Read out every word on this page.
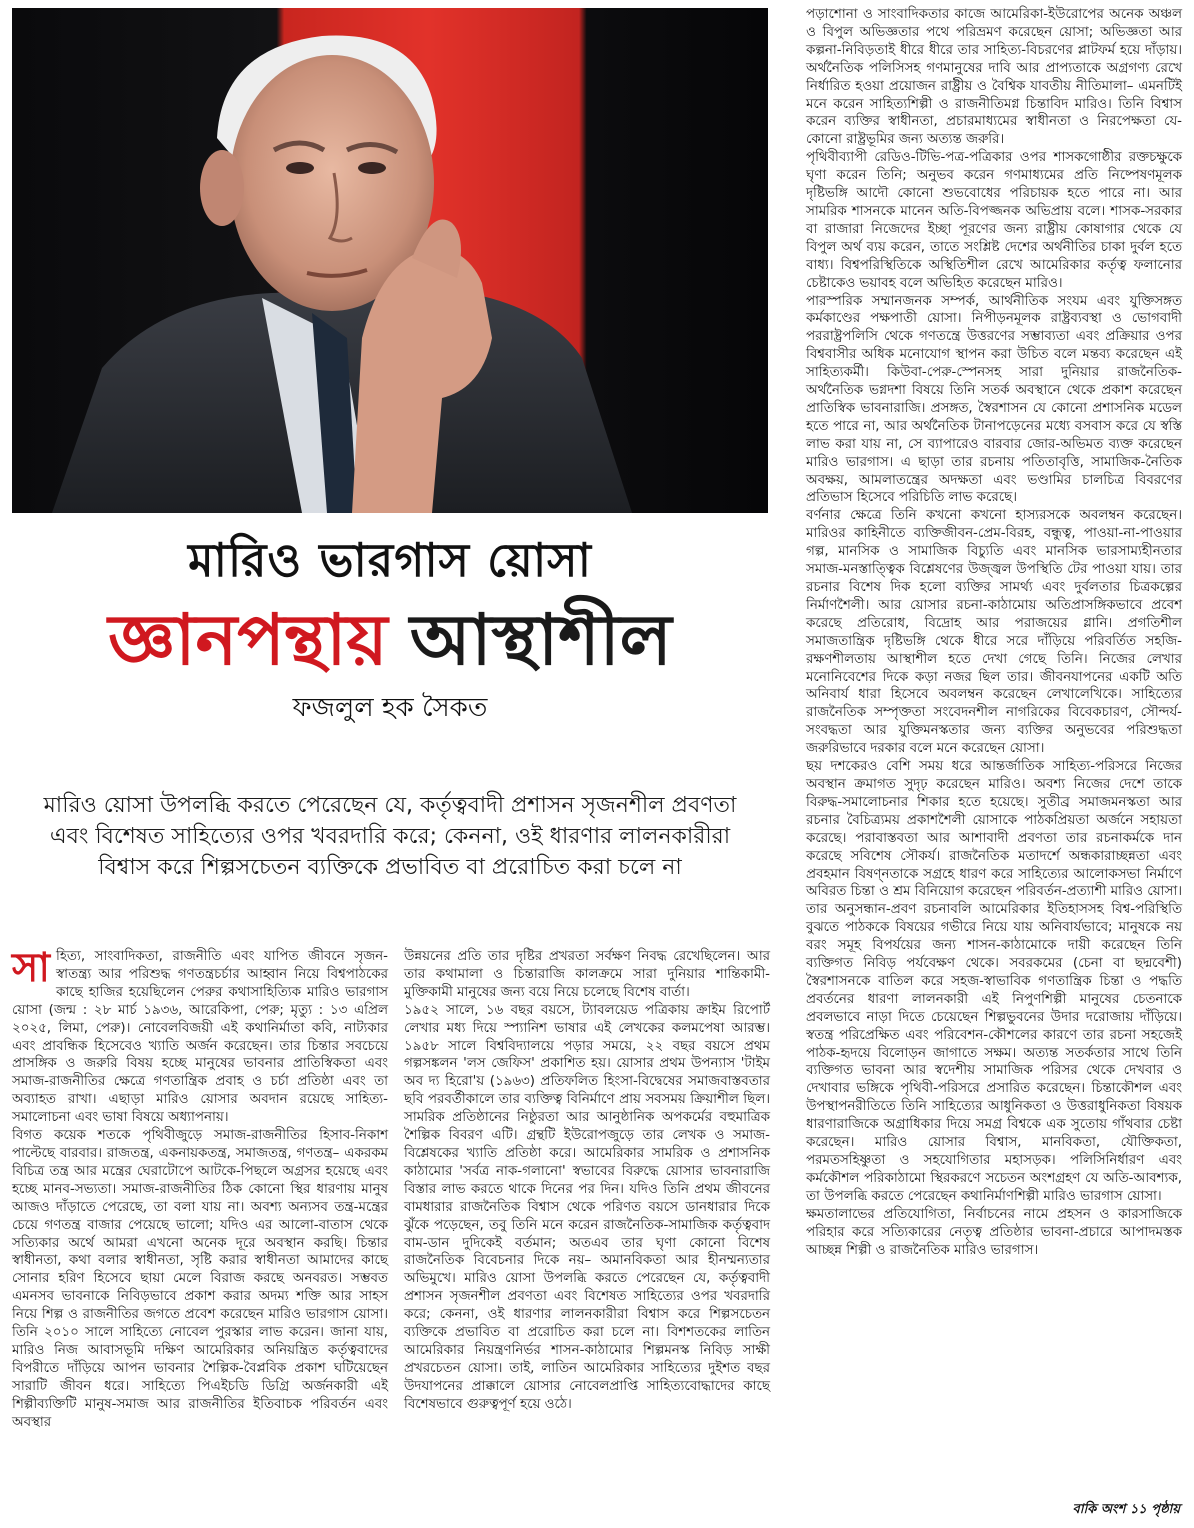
মারিও ভারগাস য়োসা
জ্ঞানপন্থায় আস্থাশীল
ফজলুল হক সৈকত
মারিও য়োসা উপলব্ধি করতে পেরেছেন যে, কর্তৃত্ববাদী প্রশাসন সৃজনশীল প্রবণতা এবং বিশেষত সাহিত্যের ওপর খবরদারি করে; কেননা, ওই ধারণার লালনকারীরা বিশ্বাস করে শিল্পসচেতন ব্যক্তিকে প্রভাবিত বা প্ররোচিত করা চলে না
সা হিত্য, সাংবাদিকতা, রাজনীতি এবং যাপিত জীবনে সৃজন-স্বাতন্ত্র্য আর পরিশুদ্ধ গণতন্ত্রচর্চার আহ্বান নিয়ে বিশ্বপাঠকের কাছে হাজির হয়েছিলেন পেরুর কথাসাহিত্যিক মারিও ভারগাস য়োসা (জন্ম : ২৮ মার্চ ১৯৩৬, আরেকিপা, পেরু; মৃত্যু : ১৩ এপ্রিল ২০২৫, লিমা, পেরু)। নোবেলবিজয়ী এই কথানির্মাতা কবি, নাট্যকার এবং প্রাবন্ধিক হিসেবেও খ্যাতি অর্জন করেছেন। তার চিন্তার সবচেয়ে প্রাসঙ্গিক ও জরুরি বিষয় হচ্ছে মানুষের ভাবনার প্রাতিস্বিকতা এবং সমাজ-রাজনীতির ক্ষেত্রে গণতান্ত্রিক প্রবাহ ও চর্চা প্রতিষ্ঠা এবং তা অব্যাহত রাখা। এছাড়া মারিও য়োসার অবদান রয়েছে সাহিত্য-সমালোচনা এবং ভাষা বিষয়ে অধ্যাপনায়।

বিগত কয়েক শতকে পৃথিবীজুড়ে সমাজ-রাজনীতির হিসাব-নিকাশ পাল্টেছে বারবার। রাজতন্ত্র, একনায়কতন্ত্র, সমাজতন্ত্র, গণতন্ত্র– একরকম বিচিত্র তন্ত্র আর মন্ত্রের ঘেরাটোপে আটকে-পিছলে অগ্রসর হয়েছে এবং হচ্ছে মানব-সভ্যতা। সমাজ-রাজনীতির ঠিক কোনো স্থির ধারণায় মানুষ আজও দাঁড়াতে পেরেছে, তা বলা যায় না। অবশ্য অন্যসব তন্ত্র-মন্ত্রের চেয়ে গণতন্ত্র বাজার পেয়েছে ভালো; যদিও এর আলো-বাতাস থেকে সত্যিকার অর্থে আমরা এখনো অনেক দূরে অবস্থান করছি। চিন্তার স্বাধীনতা, কথা বলার স্বাধীনতা, সৃষ্টি করার স্বাধীনতা আমাদের কাছে সোনার হরিণ হিসেবে ছায়া মেলে বিরাজ করছে অনবরত। সম্ভবত এমনসব ভাবনাকে নিবিড়ভাবে প্রকাশ করার অদম্য শক্তি আর সাহস নিয়ে শিল্প ও রাজনীতির জগতে প্রবেশ করেছেন মারিও ভারগাস য়োসা। তিনি ২০১০ সালে সাহিত্যে নোবেল পুরস্কার লাভ করেন। জানা যায়, মারিও নিজ আবাসভূমি দক্ষিণ আমেরিকার অনিয়ন্ত্রিত কর্তৃত্ববাদের বিপরীতে দাঁড়িয়ে আপন ভাবনার শৈল্পিক-বৈপ্লবিক প্রকাশ ঘটিয়েছেন সারাটি জীবন ধরে। সাহিত্যে পিএইচডি ডিগ্রি অর্জনকারী এই শিল্পীব্যক্তিটি মানুষ-সমাজ আর রাজনীতির ইতিবাচক পরিবর্তন এবং অবস্থার

উন্নয়নের প্রতি তার দৃষ্টির প্রখরতা সর্বক্ষণ নিবদ্ধ রেখেছিলেন। আর তার কথামালা ও চিন্তারাজি কালক্রমে সারা দুনিয়ার শান্তিকামী-মুক্তিকামী মানুষের জন্য বয়ে নিয়ে চলেছে বিশেষ বার্তা।

১৯৫২ সালে, ১৬ বছর বয়সে, ট্যাবলয়েড পত্রিকায় ক্রাইম রিপোর্ট লেখার মধ্য দিয়ে স্প্যানিশ ভাষার এই লেখকের কলমপেষা আরম্ভ। ১৯৫৮ সালে বিশ্ববিদ্যালয়ে পড়ার সময়ে, ২২ বছর বয়সে প্রথম গল্পসঙ্কলন 'লস জেফিস' প্রকাশিত হয়। য়োসার প্রথম উপন্যাস 'টাইম অব দ্য হিরো'য় (১৯৬৩) প্রতিফলিত হিংসা-বিদ্বেষের সমাজবাস্তবতার ছবি পরবর্তীকালে তার ব্যক্তিত্ব বিনির্মাণে প্রায় সবসময় ক্রিয়াশীল ছিল। সামরিক প্রতিষ্ঠানের নিষ্ঠুরতা আর আনুষ্ঠানিক অপকর্মের বহুমাত্রিক শৈল্পিক বিবরণ এটি। গ্রন্থটি ইউরোপজুড়ে তার লেখক ও সমাজ-বিশ্লেষকের খ্যাতি প্রতিষ্ঠা করে। আমেরিকার সামরিক ও প্রশাসনিক কাঠামোর 'সর্বত্র নাক-গলানো' স্বভাবের বিরুদ্ধে য়োসার ভাবনারাজি বিস্তার লাভ করতে থাকে দিনের পর দিন। যদিও তিনি প্রথম জীবনের বামধারার রাজনৈতিক বিশ্বাস থেকে পরিণত বয়সে ডানধারার দিকে ঝুঁকে পড়েছেন, তবু তিনি মনে করেন রাজনৈতিক-সামাজিক কর্তৃত্ববাদ বাম-ডান দুদিকেই বর্তমান; অতএব তার ঘৃণা কোনো বিশেষ রাজনৈতিক বিবেচনার দিকে নয়– অমানবিকতা আর হীনম্মন্যতার অভিমুখে। মারিও য়োসা উপলব্ধি করতে পেরেছেন যে, কর্তৃত্ববাদী প্রশাসন সৃজনশীল প্রবণতা এবং বিশেষত সাহিত্যের ওপর খবরদারি করে; কেননা, ওই ধারণার লালনকারীরা বিশ্বাস করে শিল্পসচেতন ব্যক্তিকে প্রভাবিত বা প্ররোচিত করা চলে না। বিশশতকের লাতিন আমেরিকার নিয়ন্ত্রণনির্ভর শাসন-কাঠামোর শিল্পমনস্ক নিবিড় সাক্ষী প্রখরচেতন য়োসা। তাই, লাতিন আমেরিকার সাহিত্যের দুইশত বছর উদযাপনের প্রাক্কালে য়োসার নোবেলপ্রাপ্তি সাহিত্যবোদ্ধাদের কাছে বিশেষভাবে গুরুত্বপূর্ণ হয়ে ওঠে।

পড়াশোনা ও সাংবাদিকতার কাজে আমেরিকা-ইউরোপের অনেক অঞ্চল ও বিপুল অভিজ্ঞতার পথে পরিভ্রমণ করেছেন য়োসা; অভিজ্ঞতা আর কল্পনা-নিবিড়তাই ধীরে ধীরে তার সাহিত্য-বিচরণের প্লাটফর্ম হয়ে দাঁড়ায়। অর্থনৈতিক পলিসিসহ গণমানুষের দাবি আর প্রাপ্যতাকে অগ্রগণ্য রেখে নির্ধারিত হওয়া প্রয়োজন রাষ্ট্রীয় ও বৈশ্বিক যাবতীয় নীতিমালা– এমনটিই মনে করেন সাহিত্যশিল্পী ও রাজনীতিমগ্ন চিন্তাবিদ মারিও। তিনি বিশ্বাস করেন ব্যক্তির স্বাধীনতা, প্রচারমাধ্যমের স্বাধীনতা ও নিরপেক্ষতা যে-কোনো রাষ্ট্রভূমির জন্য অত্যন্ত জরুরি।

পৃথিবীব্যাপী রেডিও-টিভি-পত্র-পত্রিকার ওপর শাসকগোষ্ঠীর রক্তচক্ষুকে ঘৃণা করেন তিনি; অনুভব করেন গণমাধ্যমের প্রতি নিষ্পেষণমূলক দৃষ্টিভঙ্গি আদৌ কোনো শুভবোধের পরিচায়ক হতে পারে না। আর সামরিক শাসনকে মানেন অতি-বিপজ্জনক অভিপ্রায় বলে। শাসক-সরকার বা রাজারা নিজেদের ইচ্ছা পূরণের জন্য রাষ্ট্রীয় কোষাগার থেকে যে বিপুল অর্থ ব্যয় করেন, তাতে সংশ্লিষ্ট দেশের অর্থনীতির চাকা দুর্বল হতে বাধ্য। বিশ্বপরিস্থিতিকে অস্থিতিশীল রেখে আমেরিকার কর্তৃত্ব ফলানোর চেষ্টাকেও ভয়াবহ বলে অভিহিত করেছেন মারিও।

পারস্পরিক সম্মানজনক সম্পর্ক, আর্থনীতিক সংযম এবং যুক্তিসঙ্গত কর্মকাণ্ডের পক্ষপাতী য়োসা। নিপীড়নমূলক রাষ্ট্রব্যবস্থা ও ভোগবাদী পররাষ্ট্রপলিসি থেকে গণতন্ত্রে উত্তরণের সম্ভাব্যতা এবং প্রক্রিয়ার ওপর বিশ্ববাসীর অধিক মনোযোগ স্থাপন করা উচিত বলে মন্তব্য করেছেন এই সাহিত্যকর্মী। কিউবা-পেরু-স্পেনসহ সারা দুনিয়ার রাজনৈতিক-অর্থনৈতিক ভগ্নদশা বিষয়ে তিনি সতর্ক অবস্থানে থেকে প্রকাশ করেছেন প্রাতিস্বিক ভাবনারাজি। প্রসঙ্গত, স্বৈরশাসন যে কোনো প্রশাসনিক মডেল হতে পারে না, আর অর্থনৈতিক টানাপড়েনের মধ্যে বসবাস করে যে স্বস্তি লাভ করা যায় না, সে ব্যাপারেও বারবার জোর-অভিমত ব্যক্ত করেছেন মারিও ভারগাস। এ ছাড়া তার রচনায় পতিতাবৃত্তি, সামাজিক-নৈতিক অবক্ষয়, আমলাতন্ত্রের অদক্ষতা এবং ভণ্ডামির চালচিত্র বিবরণের প্রতিভাস হিসেবে পরিচিতি লাভ করেছে।

বর্ণনার ক্ষেত্রে তিনি কখনো কখনো হাস্যরসকে অবলম্বন করেছেন। মারিওর কাহিনীতে ব্যক্তিজীবন-প্রেম-বিরহ, বন্ধুত্ব, পাওয়া-না-পাওয়ার গল্প, মানসিক ও সামাজিক বিচ্যুতি এবং মানসিক ভারসাম্যহীনতার সমাজ-মনস্তাত্ত্বিক বিশ্লেষণের উজ্জ্বল উপস্থিতি টের পাওয়া যায়। তার রচনার বিশেষ দিক হলো ব্যক্তির সামর্থ্য এবং দুর্বলতার চিত্রকল্পের নির্মাণশৈলী। আর য়োসার রচনা-কাঠামোয় অতিপ্রাসঙ্গিকভাবে প্রবেশ করেছে প্রতিরোধ, বিদ্রোহ আর পরাজয়ের গ্লানি। প্রগতিশীল সমাজতান্ত্রিক দৃষ্টিভঙ্গি থেকে ধীরে সরে দাঁড়িয়ে পরিবর্তিত সহজি-রক্ষণশীলতায় আস্থাশীল হতে দেখা গেছে তিনি। নিজের লেখার মনোনিবেশের দিকে কড়া নজর ছিল তার। জীবনযাপনের একটি অতি অনিবার্য ধারা হিসেবে অবলম্বন করেছেন লেখালেখিকে। সাহিত্যের রাজনৈতিক সম্পৃক্ততা সংবেদনশীল নাগরিকের বিবেকচারণ, সৌন্দর্য-সংবদ্ধতা আর যুক্তিমনস্কতার জন্য ব্যক্তির অনুভবের পরিশুদ্ধতা জরুরিভাবে দরকার বলে মনে করেছেন য়োসা।

ছয় দশকেরও বেশি সময় ধরে আন্তর্জাতিক সাহিত্য-পরিসরে নিজের অবস্থান ক্রমাগত সুদৃঢ় করেছেন মারিও। অবশ্য নিজের দেশে তাকে বিরুদ্ধ-সমালোচনার শিকার হতে হয়েছে। সুতীব্র সমাজমনস্কতা আর রচনার বৈচিত্র্যময় প্রকাশশৈলী য়োসাকে পাঠকপ্রিয়তা অর্জনে সহায়তা করেছে। পরাবাস্তবতা আর আশাবাদী প্রবণতা তার রচনাকর্মকে দান করেছে সবিশেষ সৌকর্য। রাজনৈতিক মতাদর্শে অন্ধকারাচ্ছন্নতা এবং প্রবহমান বিষণ্নতাকে সগ্রহে ধারণ করে সাহিত্যের আলোকসভা নির্মাণে অবিরত চিন্তা ও শ্রম বিনিয়োগ করেছেন পরিবর্তন-প্রত্যাশী মারিও য়োসা। তার অনুসন্ধান-প্রবণ রচনাবলি আমেরিকার ইতিহাসসহ বিশ্ব-পরিস্থিতি বুঝতে পাঠককে বিষয়ের গভীরে নিয়ে যায় অনিবার্যভাবে; মানুষকে নয় বরং সমূহ বিপর্যয়ের জন্য শাসন-কাঠামোকে দায়ী করেছেন তিনি ব্যক্তিগত নিবিড় পর্যবেক্ষণ থেকে। সবরকমের (চেনা বা ছদ্মবেশী) স্বৈরশাসনকে বাতিল করে সহজ-স্বাভাবিক গণতান্ত্রিক চিন্তা ও পদ্ধতি প্রবর্তনের ধারণা লালনকারী এই নিপুণশিল্পী মানুষের চেতনাকে প্রবলভাবে নাড়া দিতে চেয়েছেন শিল্পভুবনের উদার দরোজায় দাঁড়িয়ে। স্বতন্ত্র পরিপ্রেক্ষিত এবং পরিবেশন-কৌশলের কারণে তার রচনা সহজেই পাঠক-হৃদয়ে বিলোড়ন জাগাতে সক্ষম। অত্যন্ত সতর্কতার সাথে তিনি ব্যক্তিগত ভাবনা আর স্বদেশীয় সামাজিক পরিসর থেকে দেখবার ও দেখাবার ভঙ্গিকে পৃথিবী-পরিসরে প্রসারিত করেছেন। চিন্তাকৌশল এবং উপস্থাপনরীতিতে তিনি সাহিত্যের আধুনিকতা ও উত্তরাধুনিকতা বিষয়ক ধারণারাজিকে অগ্রাধিকার দিয়ে সমগ্র বিশ্বকে এক সুতোয় গাঁথবার চেষ্টা করেছেন। মারিও য়োসার বিশ্বাস, মানবিকতা, যৌক্তিকতা, পরমতসহিষ্ণুতা ও সহযোগিতার মহাসড়ক। পলিসিনির্ধারণ এবং কর্মকৌশল পরিকাঠামো স্থিরকরণে সচেতন অংশগ্রহণ যে অতি-আবশ্যক, তা উপলব্ধি করতে পেরেছেন কথানির্মাণশিল্পী মারিও ভারগাস য়োসা।

ক্ষমতালাভের প্রতিযোগিতা, নির্বাচনের নামে প্রহসন ও কারসাজিকে পরিহার করে সত্যিকারের নেতৃত্ব প্রতিষ্ঠার ভাবনা-প্রচারে আপাদমস্তক আচ্ছন্ন শিল্পী ও রাজনৈতিক মারিও ভারগাস।

বাকি অংশ ১১ পৃষ্ঠায়
